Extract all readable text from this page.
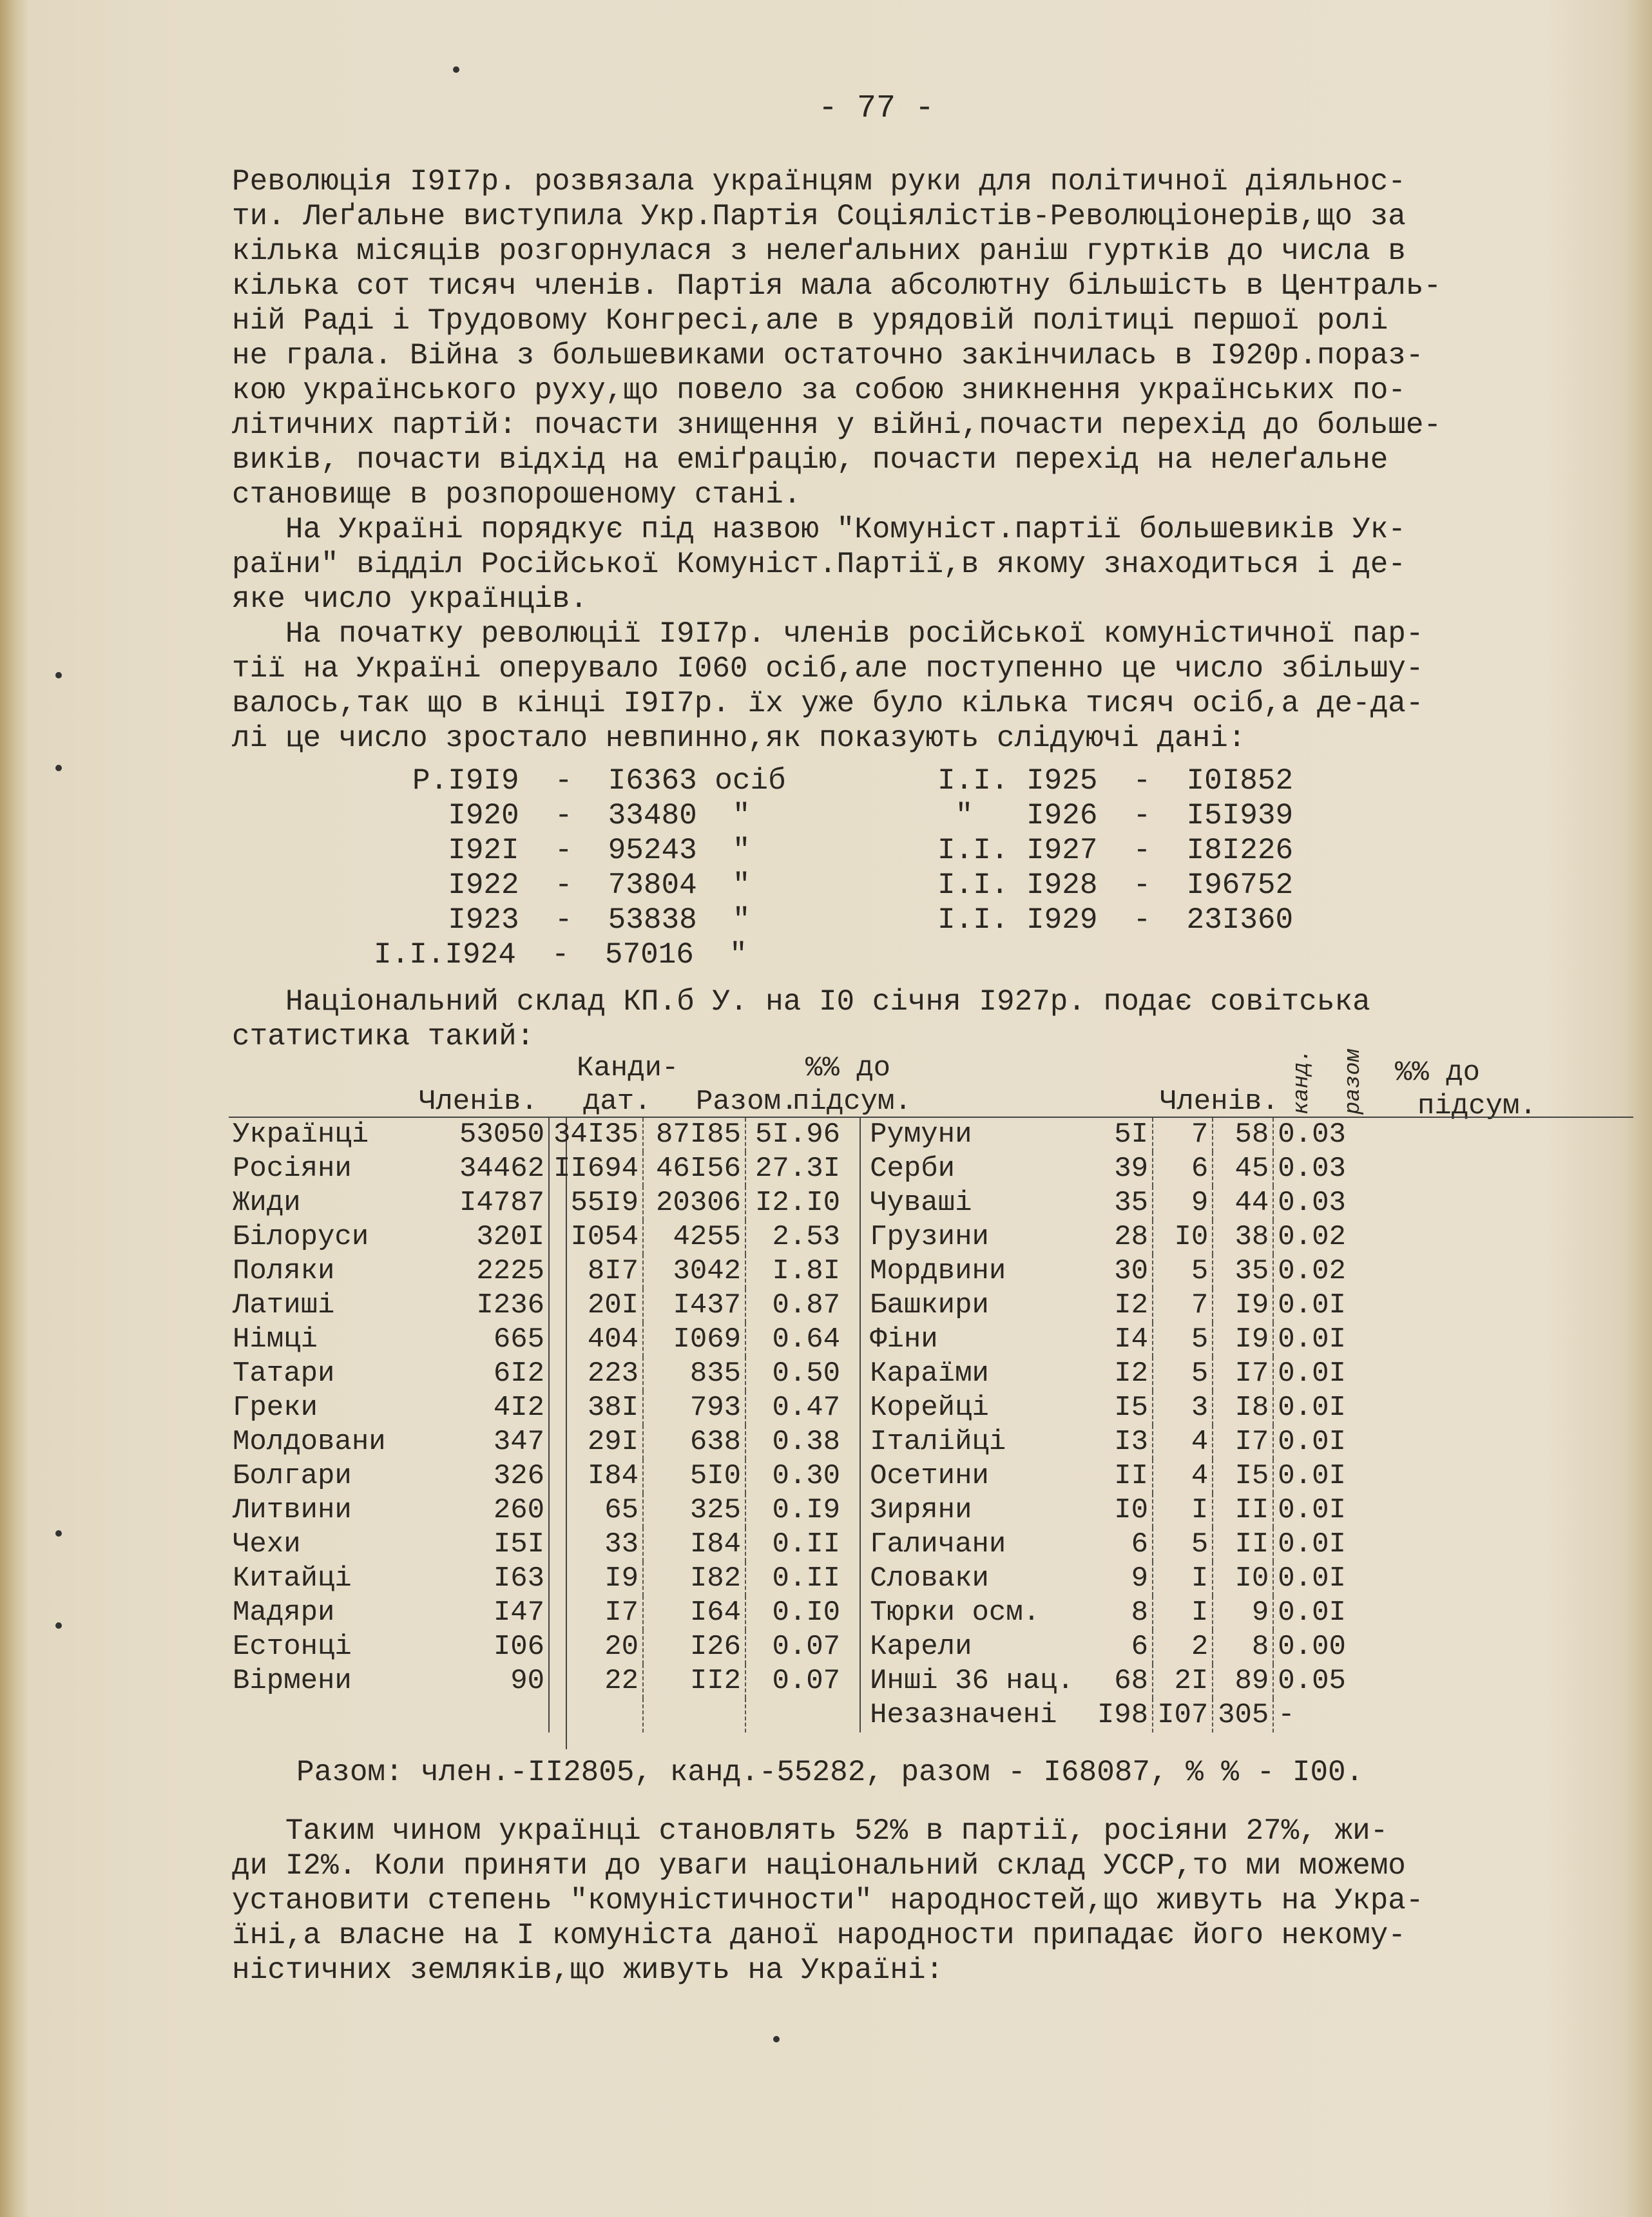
- 77 -
Революція I9I7р. розвязала українцям руки для політичної діяльнос-
ти. Леґальне виступила Укр.Партія Соціялістів-Революціонерів,що за
кілька місяців розгорнулася з нелеґальних раніш гуртків до числа в
кілька сот тисяч членів. Партія мала абсолютну більшість в Централь-
ній Раді і Трудовому Конгресі,але в урядовій політиці першої ролі
не грала. Війна з большевиками остаточно закінчилась в I920р.пораз-
кою українського руху,що повело за собою зникнення українських по-
літичних партій: почасти знищення у війні,почасти перехід до больше-
виків, почасти відхід на еміґрацію, почасти перехід на нелеґальне
становище в розпорошеному стані.
На Україні порядкує під назвою "Комуніст.партії большевиків Ук-
раїни" відділ Російської Комуніст.Партії,в якому знаходиться і де-
яке число українців.
На початку революції I9I7р. членів російської комуністичної пар-
тії на Україні оперувало I060 осіб,але поступенно це число збільшу-
валось,так що в кінці I9I7р. їх уже було кілька тисяч осіб,а де-да-
лі це число зростало невпинно,як показують слідуючі дані:
Р.I9I9  -  I6363 осіб
I920  -  33480  "
I92I  -  95243  "
I922  -  73804  "
I923  -  53838  "
I.I.I924  -  57016  "
I.I. I925  -  I0I852
"   I926  -  I5I939
I.I. I927  -  I8I226
I.I. I928  -  I96752
I.I. I929  -  23I360
Національний склад КП.б У. на I0 січня I927р. подає совітська
статистика такий:
Канди-
Членів. дат. Разом.
%% до
підсум.	Членів. канд. разом %% до
підсум.
Українці	53050	34I35	87I85	5I.96	Румуни	5I	7	58	0.03
Росіяни	34462	II694	46I56	27.3I	Серби	39	6	45	0.03
Жиди	I4787	55I9	20306	I2.I0	Чуваші	35	9	44	0.03
Білоруси	320I	I054	4255	2.53	Грузини	28	I0	38	0.02
Поляки	2225	8I7	3042	I.8I	Мордвини	30	5	35	0.02
Латиші	I236	20I	I437	0.87	Башкири	I2	7	I9	0.0I
Німці	665	404	I069	0.64	Фіни	I4	5	I9	0.0I
Татари	6I2	223	835	0.50	Караїми	I2	5	I7	0.0I
Греки	4I2	38I	793	0.47	Корейці	I5	3	I8	0.0I
Молдовани	347	29I	638	0.38	Італійці	I3	4	I7	0.0I
Болгари	326	I84	5I0	0.30	Осетини	II	4	I5	0.0I
Литвини	260	65	325	0.I9	Зиряни	I0	I	II	0.0I
Чехи	I5I	33	I84	0.II	Галичани	6	5	II	0.0I
Китайці	I63	I9	I82	0.II	Словаки	9	I	I0	0.0I
Мадяри	I47	I7	I64	0.I0	Тюрки осм.	8	I	9	0.0I
Естонці	I06	20	I26	0.07	Карели	6	2	8	0.00
Вірмени	90	22	II2	0.07	Инші 36 нац.	68	2I	89	0.05
					Незазначені	I98	I07	305	-
Разом: член.-II2805, канд.-55282, разом - I68087, % % - I00.
Таким чином українці становлять 52% в партії, росіяни 27%, жи-
ди I2%. Коли приняти до уваги національний склад УССР,то ми можемо
установити степень "комуністичности" народностей,що живуть на Укра-
їні,а власне на I комуніста даної народности припадає його некому-
ністичних земляків,що живуть на Україні:
